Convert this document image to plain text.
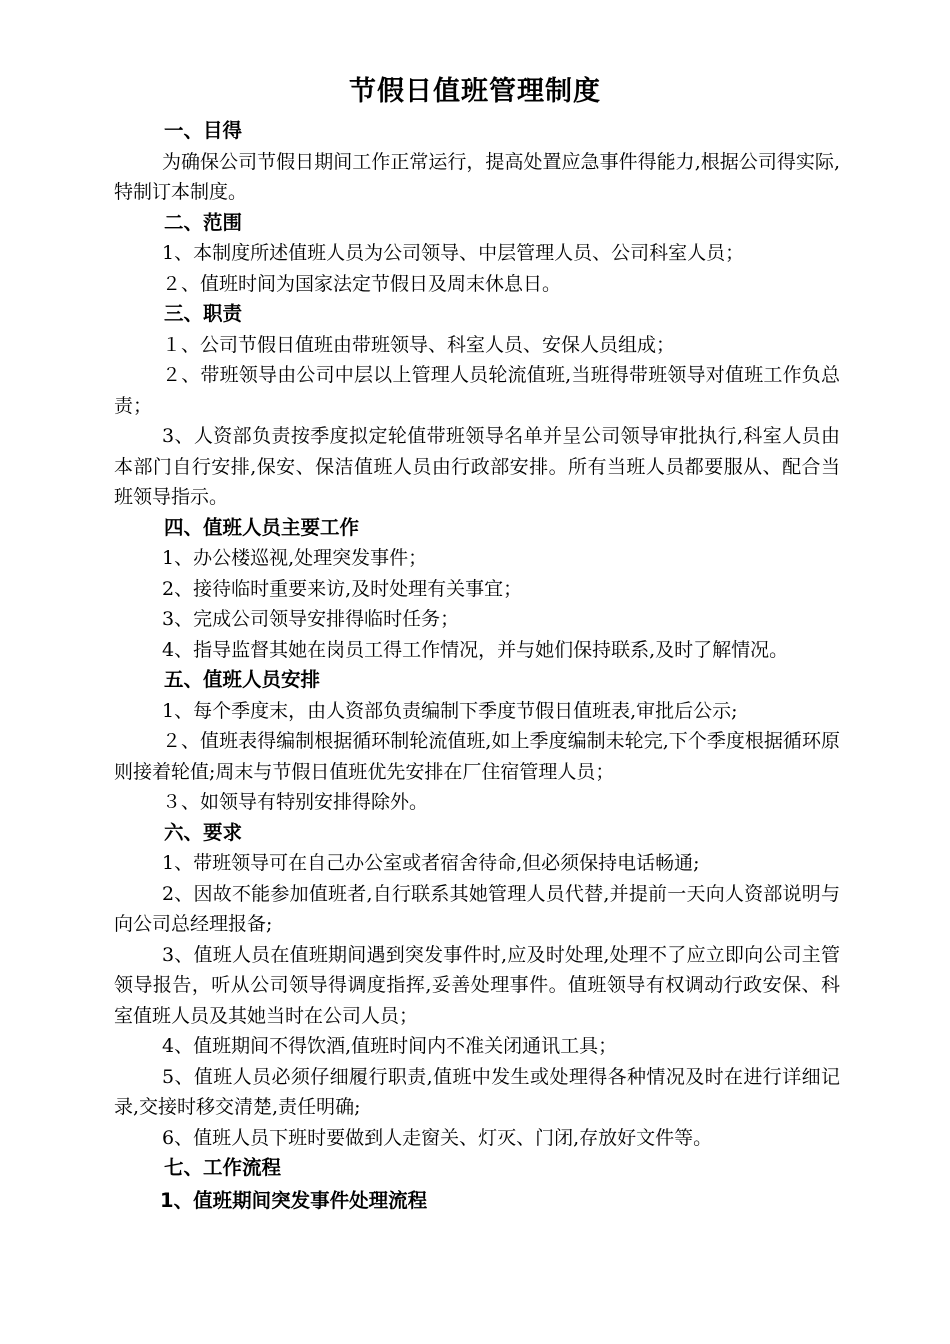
节假日值班管理制度

一、目得

为确保公司节假日期间工作正常运行，提高处置应急事件得能力,根据公司得实际,特制订本制度。

二、范围

1、本制度所述值班人员为公司领导、中层管理人员、公司科室人员；

２、值班时间为国家法定节假日及周末休息日。

三、职责

１、公司节假日值班由带班领导、科室人员、安保人员组成；

２、带班领导由公司中层以上管理人员轮流值班,当班得带班领导对值班工作负总责；

3、人资部负责按季度拟定轮值带班领导名单并呈公司领导审批执行,科室人员由本部门自行安排,保安、保洁值班人员由行政部安排。所有当班人员都要服从、配合当班领导指示。

四、值班人员主要工作

1、办公楼巡视,处理突发事件；

2、接待临时重要来访,及时处理有关事宜；

3、完成公司领导安排得临时任务；

4、指导监督其她在岗员工得工作情况，并与她们保持联系,及时了解情况。

五、值班人员安排

1、每个季度末，由人资部负责编制下季度节假日值班表,审批后公示;

２、值班表得编制根据循环制轮流值班,如上季度编制未轮完,下个季度根据循环原则接着轮值;周末与节假日值班优先安排在厂住宿管理人员；

３、如领导有特别安排得除外。

六、要求

1、带班领导可在自己办公室或者宿舍待命,但必须保持电话畅通;

2、因故不能参加值班者,自行联系其她管理人员代替,并提前一天向人资部说明与向公司总经理报备;

3、值班人员在值班期间遇到突发事件时,应及时处理,处理不了应立即向公司主管领导报告，听从公司领导得调度指挥,妥善处理事件。值班领导有权调动行政安保、科室值班人员及其她当时在公司人员；

4、值班期间不得饮酒,值班时间内不准关闭通讯工具；

5、值班人员必须仔细履行职责,值班中发生或处理得各种情况及时在进行详细记录,交接时移交清楚,责任明确;

6、值班人员下班时要做到人走窗关、灯灭、门闭,存放好文件等。

七、工作流程

1、值班期间突发事件处理流程
